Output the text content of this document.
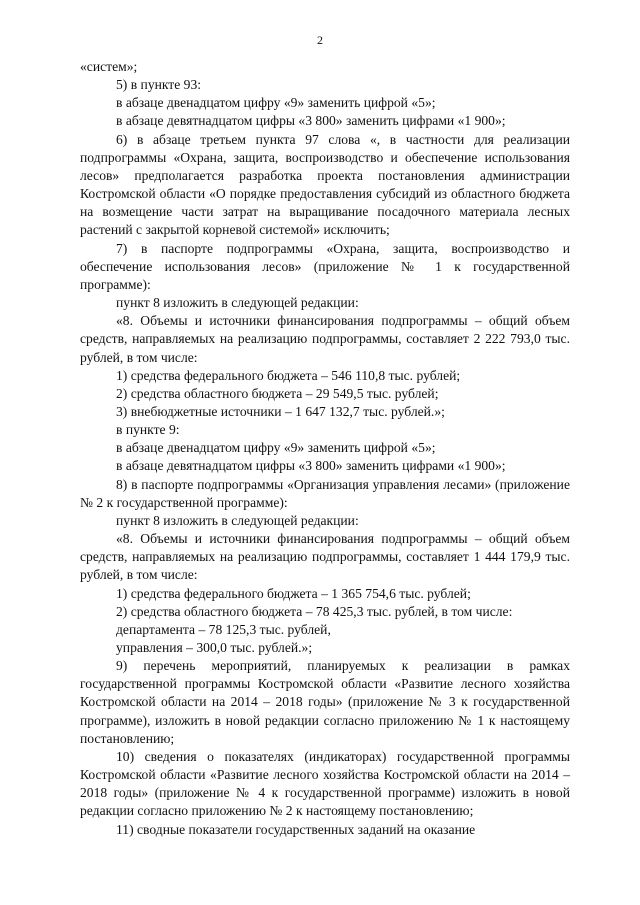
2

«систем»;

5) в пункте 93:

в абзаце двенадцатом цифру «9» заменить цифрой «5»;

в абзаце девятнадцатом цифры «3 800» заменить цифрами «1 900»;

6) в абзаце третьем пункта 97 слова «, в частности для реализации подпрограммы «Охрана, защита, воспроизводство и обеспечение использования лесов» предполагается разработка проекта постановления администрации Костромской области «О порядке предоставления субсидий из областного бюджета на возмещение части затрат на выращивание посадочного материала лесных растений с закрытой корневой системой» исключить;

7) в паспорте подпрограммы «Охрана, защита, воспроизводство и обеспечение использования лесов» (приложение № 1 к государственной программе):

пункт 8 изложить в следующей редакции:

«8. Объемы и источники финансирования подпрограммы – общий объем средств, направляемых на реализацию подпрограммы, составляет 2 222 793,0 тыс. рублей, в том числе:

1) средства федерального бюджета – 546 110,8 тыс. рублей;

2) средства областного бюджета – 29 549,5 тыс. рублей;

3) внебюджетные источники – 1 647 132,7 тыс. рублей.»;

в пункте 9:

в абзаце двенадцатом цифру «9» заменить цифрой «5»;

в абзаце девятнадцатом цифры «3 800» заменить цифрами «1 900»;

8) в паспорте подпрограммы «Организация управления лесами» (приложение № 2 к государственной программе):

пункт 8 изложить в следующей редакции:

«8. Объемы и источники финансирования подпрограммы – общий объем средств, направляемых на реализацию подпрограммы, составляет 1 444 179,9 тыс. рублей, в том числе:

1) средства федерального бюджета – 1 365 754,6 тыс. рублей;

2) средства областного бюджета – 78 425,3 тыс. рублей, в том числе:

департамента – 78 125,3 тыс. рублей,

управления – 300,0 тыс. рублей.»;

9) перечень мероприятий, планируемых к реализации в рамках государственной программы Костромской области «Развитие лесного хозяйства Костромской области на 2014 – 2018 годы» (приложение № 3 к государственной программе), изложить в новой редакции согласно приложению № 1 к настоящему постановлению;

10) сведения о показателях (индикаторах) государственной программы Костромской области «Развитие лесного хозяйства Костромской области на 2014 – 2018 годы» (приложение № 4 к государственной программе) изложить в новой редакции согласно приложению № 2 к настоящему постановлению;

11) сводные показатели государственных заданий на оказание
